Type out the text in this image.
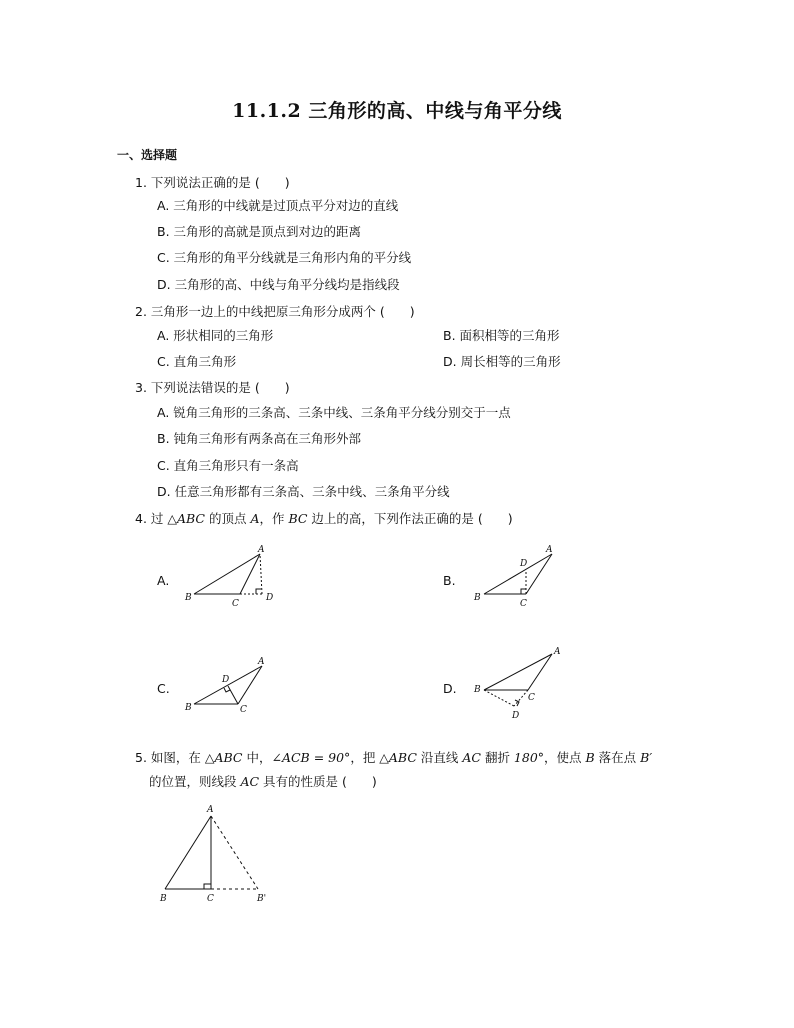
11.1.2 三角形的高、中线与角平分线
一、选择题
1. 下列说法正确的是 (　　)
A. 三角形的中线就是过顶点平分对边的直线
B. 三角形的高就是顶点到对边的距离
C. 三角形的角平分线就是三角形内角的平分线
D. 三角形的高、中线与角平分线均是指线段
2. 三角形一边上的中线把原三角形分成两个 (　　)
A. 形状相同的三角形	B. 面积相等的三角形
C. 直角三角形	D. 周长相等的三角形
3. 下列说法错误的是 (　　)
A. 锐角三角形的三条高、三条中线、三条角平分线分别交于一点
B. 钝角三角形有两条高在三角形外部
C. 直角三角形只有一条高
D. 任意三角形都有三条高、三条中线、三条角平分线
4. 过 △ABC 的顶点 A，作 BC 边上的高，下列作法正确的是 (　　)
A.	B.
C.	D.
A
B
C
D
A
B
C
D
A
B	C
D
A
B
C
D
5. 如图，在 △ABC 中，∠ACB = 90°，把 △ABC 沿直线 AC 翻折 180°，使点 B 落在点 B′
的位置，则线段 AC 具有的性质是 (　　)
A
B	C	B'
